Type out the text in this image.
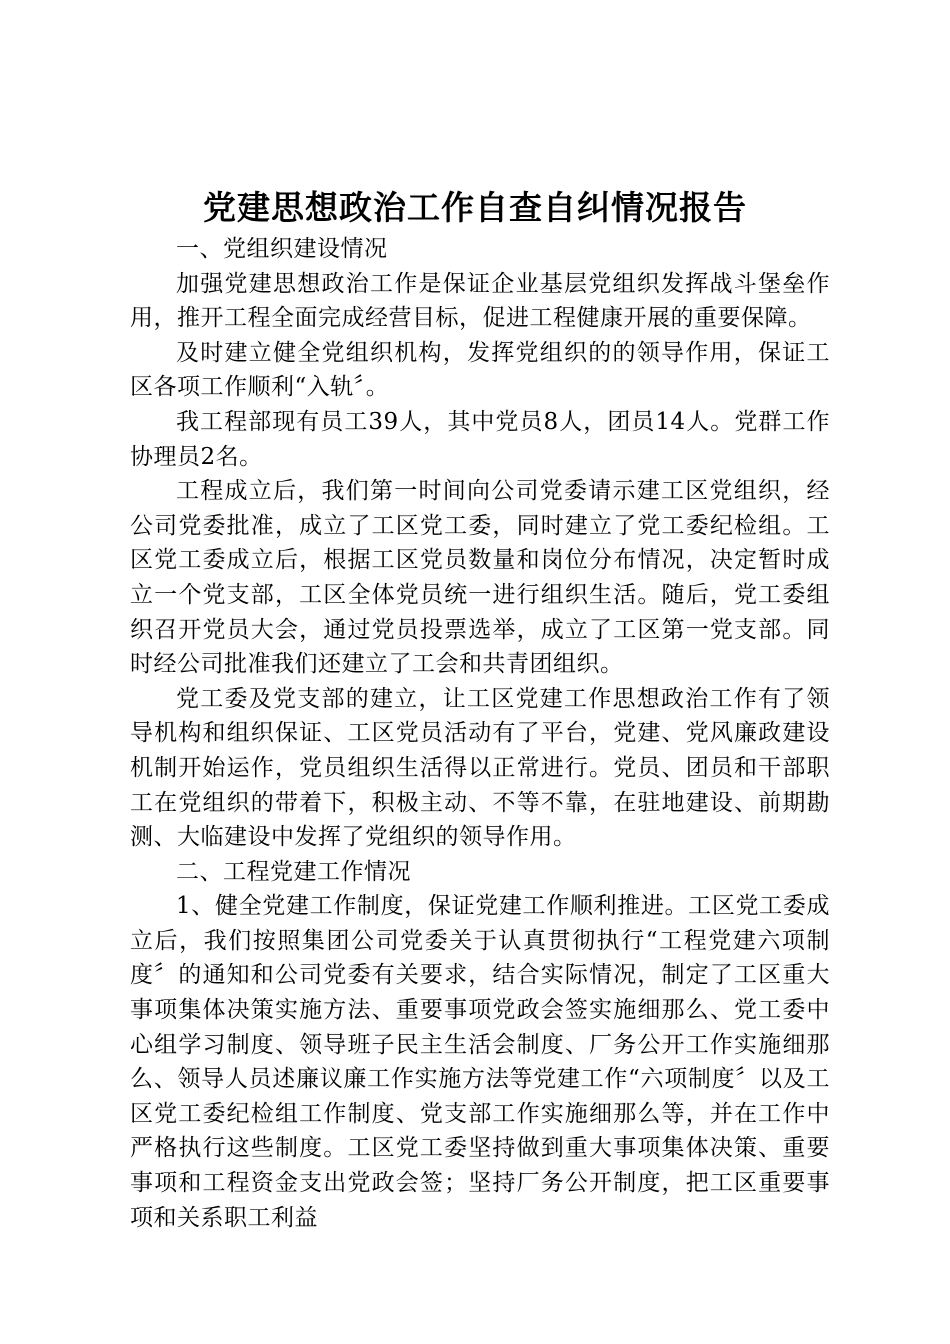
党建思想政治工作自查自纠情况报告

一、党组织建设情况

加强党建思想政治工作是保证企业基层党组织发挥战斗堡垒作用，推开工程全面完成经营目标，促进工程健康开展的重要保障。

及时建立健全党组织机构，发挥党组织的的领导作用，保证工区各项工作顺利“入轨〞。

我工程部现有员工39人，其中党员8人，团员14人。党群工作协理员2名。

工程成立后，我们第一时间向公司党委请示建工区党组织，经公司党委批准，成立了工区党工委，同时建立了党工委纪检组。工区党工委成立后，根据工区党员数量和岗位分布情况，决定暂时成立一个党支部，工区全体党员统一进行组织生活。随后，党工委组织召开党员大会，通过党员投票选举，成立了工区第一党支部。同时经公司批准我们还建立了工会和共青团组织。

党工委及党支部的建立，让工区党建工作思想政治工作有了领导机构和组织保证、工区党员活动有了平台，党建、党风廉政建设机制开始运作，党员组织生活得以正常进行。党员、团员和干部职工在党组织的带着下，积极主动、不等不靠，在驻地建设、前期勘测、大临建设中发挥了党组织的领导作用。

二、工程党建工作情况

1、健全党建工作制度，保证党建工作顺利推进。工区党工委成立后，我们按照集团公司党委关于认真贯彻执行“工程党建六项制度〞的通知和公司党委有关要求，结合实际情况，制定了工区重大事项集体决策实施方法、重要事项党政会签实施细那么、党工委中心组学习制度、领导班子民主生活会制度、厂务公开工作实施细那么、领导人员述廉议廉工作实施方法等党建工作“六项制度〞以及工区党工委纪检组工作制度、党支部工作实施细那么等，并在工作中严格执行这些制度。工区党工委坚持做到重大事项集体决策、重要事项和工程资金支出党政会签；坚持厂务公开制度，把工区重要事项和关系职工利益
